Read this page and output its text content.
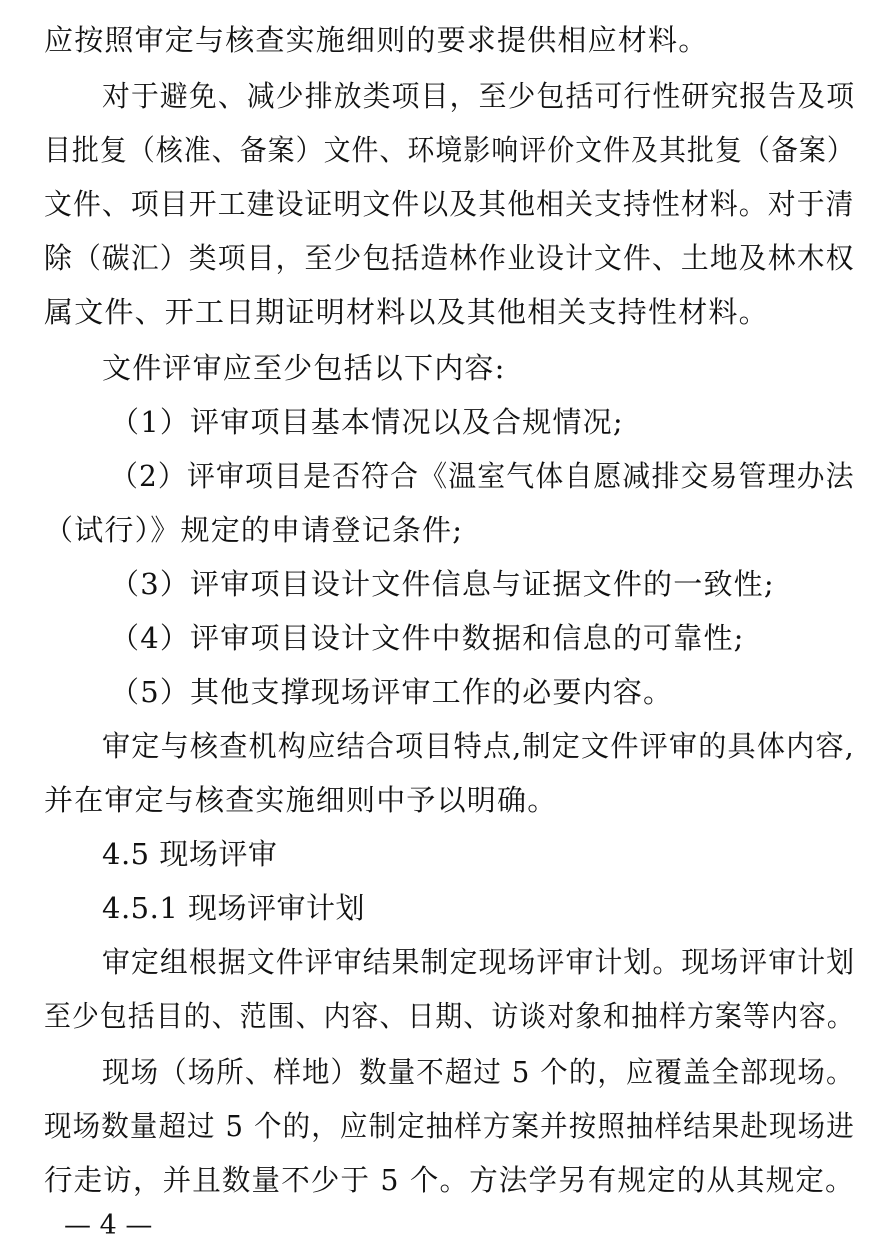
应按照审定与核查实施细则的要求提供相应材料。
对于避免、减少排放类项目，至少包括可行性研究报告及项
目批复（核准、备案）文件、环境影响评价文件及其批复（备案）
文件、项目开工建设证明文件以及其他相关支持性材料。对于清
除（碳汇）类项目，至少包括造林作业设计文件、土地及林木权
属文件、开工日期证明材料以及其他相关支持性材料。
文件评审应至少包括以下内容:
（1）评审项目基本情况以及合规情况;
（2）评审项目是否符合《温室气体自愿减排交易管理办法
（试行）》规定的申请登记条件;
（3）评审项目设计文件信息与证据文件的一致性;
（4）评审项目设计文件中数据和信息的可靠性;
（5）其他支撑现场评审工作的必要内容。
审定与核查机构应结合项目特点,制定文件评审的具体内容,
并在审定与核查实施细则中予以明确。
4.5 现场评审
4.5.1 现场评审计划
审定组根据文件评审结果制定现场评审计划。现场评审计划
至少包括目的、范围、内容、日期、访谈对象和抽样方案等内容。
现场（场所、样地）数量不超过 5 个的，应覆盖全部现场。
现场数量超过 5 个的，应制定抽样方案并按照抽样结果赴现场进
行走访，并且数量不少于 5 个。方法学另有规定的从其规定。
— 4 —
